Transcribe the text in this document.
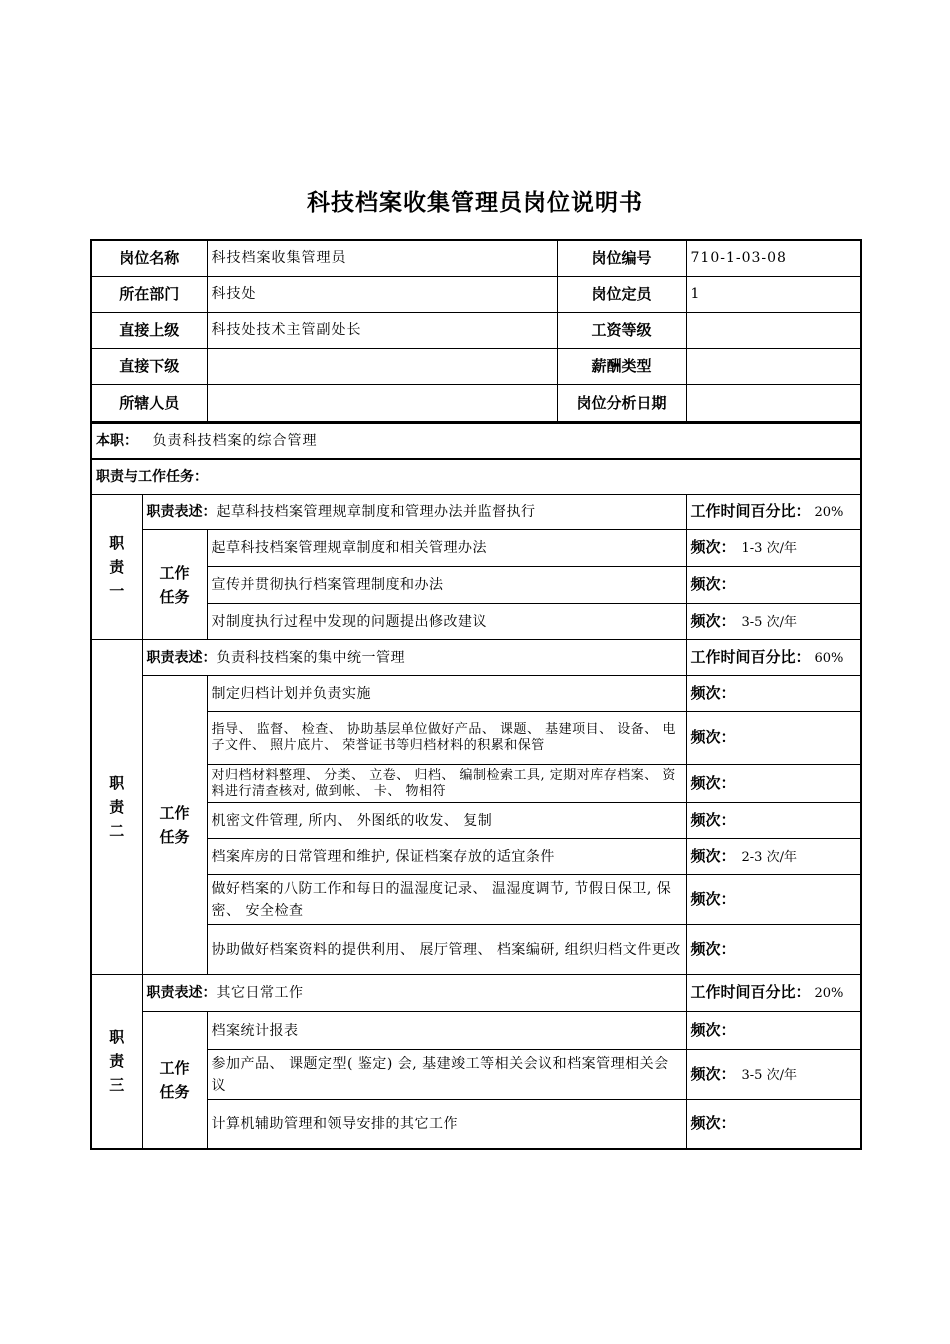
科技档案收集管理员岗位说明书
岗位名称	科技档案收集管理员	岗位编号	710-1-03-08
所在部门	科技处	岗位定员	1
直接上级	科技处技术主管副处长	工资等级	
直接下级		薪酬类型	
所辖人员		岗位分析日期	
本职： 负责科技档案的综合管理			
职责与工作任务：			

职
责
一	职责表述：起草科技档案管理规章制度和管理办法并监督执行		工作时间百分比： 20%

	工作
任务	起草科技档案管理规章制度和相关管理办法	频次： 1-3 次/年
		宣传并贯彻执行档案管理制度和办法	频次：
		对制度执行过程中发现的问题提出修改建议	频次： 3-5 次/年

职
责
二	职责表述：负责科技档案的集中统一管理		工作时间百分比： 60%

	工作
任务	制定归档计划并负责实施	频次：
		指导、 监督、 检查、 协助基层单位做好产品、 课题、 基建项目、 设备、 电子文件、 照片底片、 荣誉证书等归档材料的积累和保管	频次：
		对归档材料整理、 分类、 立卷、 归档、 编制检索工具, 定期对库存档案、 资料进行清查核对, 做到帐、 卡、 物相符	频次：
		机密文件管理, 所内、 外图纸的收发、 复制	频次：
		档案库房的日常管理和维护, 保证档案存放的适宜条件	频次： 2-3 次/年
		做好档案的八防工作和每日的温湿度记录、 温湿度调节, 节假日保卫, 保密、 安全检查	频次：
		协助做好档案资料的提供利用、 展厅管理、 档案编研, 组织归档文件更改	频次：

职
责
三	职责表述：其它日常工作		工作时间百分比： 20%

	工作
任务	档案统计报表	频次：
		参加产品、 课题定型( 鉴定) 会, 基建竣工等相关会议和档案管理相关会议	频次： 3-5 次/年
		计算机辅助管理和领导安排的其它工作	频次：
